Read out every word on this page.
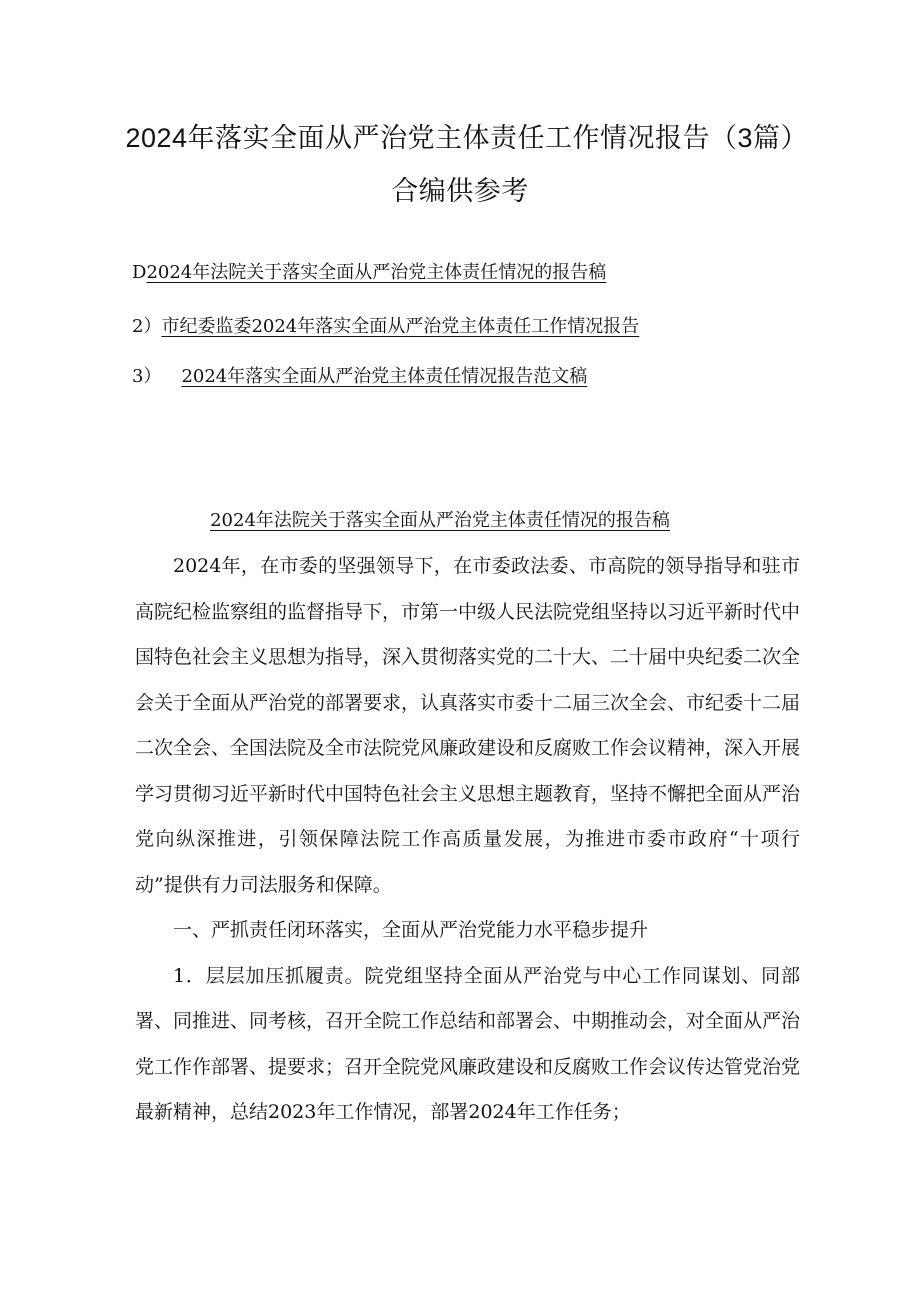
2024年落实全面从严治党主体责任工作情况报告（3篇）合编供参考
D2024年法院关于落实全面从严治党主体责任情况的报告稿
2）市纪委监委2024年落实全面从严治党主体责任工作情况报告
3） 2024年落实全面从严治党主体责任情况报告范文稿
2024年法院关于落实全面从严治党主体责任情况的报告稿

2024年，在市委的坚强领导下，在市委政法委、市高院的领导指导和驻市高院纪检监察组的监督指导下，市第一中级人民法院党组坚持以习近平新时代中国特色社会主义思想为指导，深入贯彻落实党的二十大、二十届中央纪委二次全会关于全面从严治党的部署要求，认真落实市委十二届三次全会、市纪委十二届二次全会、全国法院及全市法院党风廉政建设和反腐败工作会议精神，深入开展学习贯彻习近平新时代中国特色社会主义思想主题教育，坚持不懈把全面从严治党向纵深推进，引领保障法院工作高质量发展，为推进市委市政府“十项行动”提供有力司法服务和保障。

一、严抓责任闭环落实，全面从严治党能力水平稳步提升

1．层层加压抓履责。院党组坚持全面从严治党与中心工作同谋划、同部署、同推进、同考核，召开全院工作总结和部署会、中期推动会，对全面从严治党工作作部署、提要求；召开全院党风廉政建设和反腐败工作会议传达管党治党最新精神，总结2023年工作情况，部署2024年工作任务；
